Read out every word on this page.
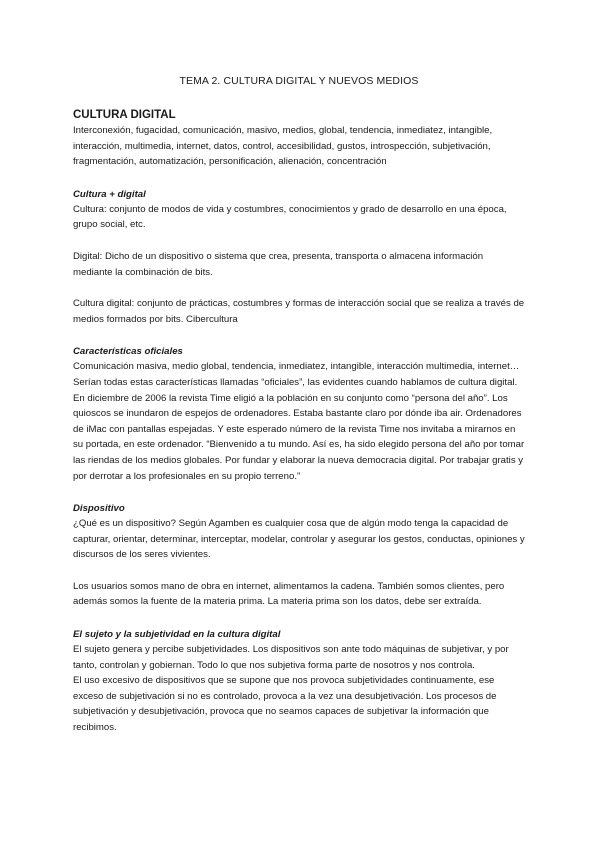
TEMA 2. CULTURA DIGITAL Y NUEVOS MEDIOS
CULTURA DIGITAL

Interconexión, fugacidad, comunicación, masivo, medios, global, tendencia, inmediatez, intangible, interacción, multimedia, internet, datos, control, accesibilidad, gustos, introspección, subjetivación, fragmentación, automatización, personificación, alienación, concentración

Cultura + digital

Cultura: conjunto de modos de vida y costumbres, conocimientos y grado de desarrollo en una época, grupo social, etc.

Digital: Dicho de un dispositivo o sistema que crea, presenta, transporta o almacena información mediante la combinación de bits.

Cultura digital: conjunto de prácticas, costumbres y formas de interacción social que se realiza a través de medios formados por bits. Cibercultura

Características oficiales

Comunicación masiva, medio global, tendencia, inmediatez, intangible, interacción multimedia, internet… Serían todas estas características llamadas “oficiales”, las evidentes cuando hablamos de cultura digital.

En diciembre de 2006 la revista Time eligió a la población en su conjunto como “persona del año”. Los quioscos se inundaron de espejos de ordenadores. Estaba bastante claro por dónde iba air. Ordenadores de iMac con pantallas espejadas. Y este esperado número de la revista Time nos invitaba a mirarnos en su portada, en este ordenador. “Bienvenido a tu mundo. Así es, ha sido elegido persona del año por tomar las riendas de los medios globales. Por fundar y elaborar la nueva democracia digital. Por trabajar gratis y por derrotar a los profesionales en su propio terreno.”

Dispositivo

¿Qué es un dispositivo? Según Agamben es cualquier cosa que de algún modo tenga la capacidad de capturar, orientar, determinar, interceptar, modelar, controlar y asegurar los gestos, conductas, opiniones y discursos de los seres vivientes.

Los usuarios somos mano de obra en internet, alimentamos la cadena. También somos clientes, pero además somos la fuente de la materia prima. La materia prima son los datos, debe ser extraída.

El sujeto y la subjetividad en la cultura digital

El sujeto genera y percibe subjetividades. Los dispositivos son ante todo máquinas de subjetivar, y por tanto, controlan y gobiernan. Todo lo que nos subjetiva forma parte de nosotros y nos controla.

El uso excesivo de dispositivos que se supone que nos provoca subjetividades continuamente, ese exceso de subjetivación si no es controlado, provoca a la vez una desubjetivación. Los procesos de subjetivación y desubjetivación, provoca que no seamos capaces de subjetivar la información que recibimos.
